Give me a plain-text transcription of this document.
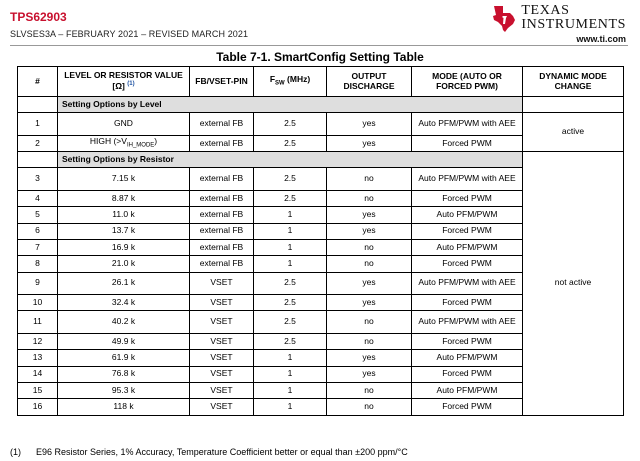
TPS62903
SLVSES3A – FEBRUARY 2021 – REVISED MARCH 2021
TEXAS
INSTRUMENTS
www.ti.com
Table 7-1. SmartConfig Setting Table
#	LEVEL OR RESISTOR VALUE [Ω] $^{(1)}$	FB/VSET-PIN	$F_{SW}$ (MHz)	OUTPUT DISCHARGE	MODE (AUTO OR FORCED PWM)	DYNAMIC MODE CHANGE
	Setting Options by Level					
1	GND	external FB	2.5	yes	Auto PFM/PWM with AEE	active
2	HIGH $(>V_{IH\_MODE})$	external FB	2.5	yes	Forced PWM	
	Setting Options by Resistor					not active
3	7.15 k	external FB	2.5	no	Auto PFM/PWM with AEE	
4	8.87 k	external FB	2.5	no	Forced PWM	
5	11.0 k	external FB	1	yes	Auto PFM/PWM	
6	13.7 k	external FB	1	yes	Forced PWM	
7	16.9 k	external FB	1	no	Auto PFM/PWM	
8	21.0 k	external FB	1	no	Forced PWM	
9	26.1 k	VSET	2.5	yes	Auto PFM/PWM with AEE	
10	32.4 k	VSET	2.5	yes	Forced PWM	
11	40.2 k	VSET	2.5	no	Auto PFM/PWM with AEE	
12	49.9 k	VSET	2.5	no	Forced PWM	
13	61.9 k	VSET	1	yes	Auto PFM/PWM	
14	76.8 k	VSET	1	yes	Forced PWM	
15	95.3 k	VSET	1	no	Auto PFM/PWM	
16	118 k	VSET	1	no	Forced PWM	
(1)	E96 Resistor Series, 1% Accuracy, Temperature Coefficient better or equal than ±200 ppm/°C
